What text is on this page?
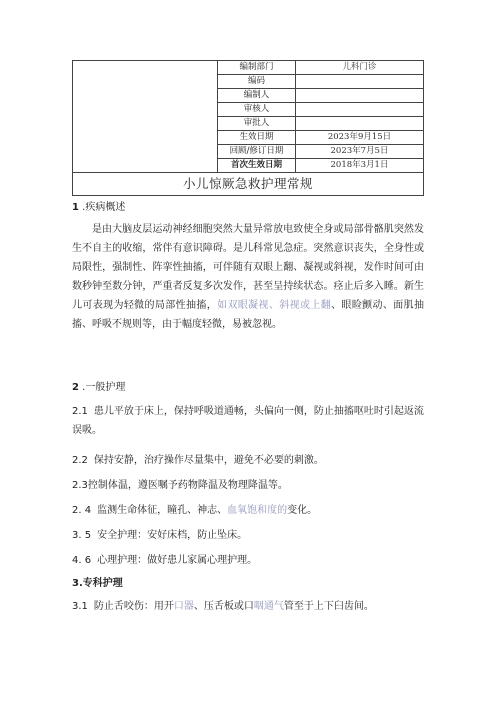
	编制部门	儿科门诊
	编码	
	编制人	
	审核人	
	审批人	
	生效日期	2023年9月15日
	回顾/修订日期	2023年7月5日
	首次生效日期	2018年3月1日
小儿惊厥急救护理常规		

1 .疾病概述

是由大脑皮层运动神经细胞突然大量异常放电致使全身或局部骨骼肌突然发生不自主的收缩，常伴有意识障碍。是儿科常见急症。突然意识丧失，全身性或局限性，强制性、阵挛性抽搐，可伴随有双眼上翻、凝视或斜视，发作时间可由数秒钟至数分钟，严重者反复多次发作，甚至呈持续状态。痉止后多入睡。新生儿可表现为轻微的局部性抽搐，如双眼凝视、斜视或上翻、眼睑颤动、面肌抽搐、呼吸不规则等，由于幅度轻微，易被忽视。

2 .一般护理

2.1 患儿平放于床上，保持呼吸道通畅，头偏向一侧，防止抽搐呕吐时引起返流误吸。

2.2 保持安静，治疗操作尽量集中，避免不必要的刺激。

2.3控制体温，遵医嘱予药物降温及物理降温等。

2. 4 监测生命体征，瞳孔、神志、血氧饱和度的变化。

3. 5 安全护理：安好床档，防止坠床。

4. 6 心理护理：做好患儿家属心理护理。

3.专科护理

3.1 防止舌咬伤：用开口器、压舌板或口咽通气管至于上下臼齿间。
